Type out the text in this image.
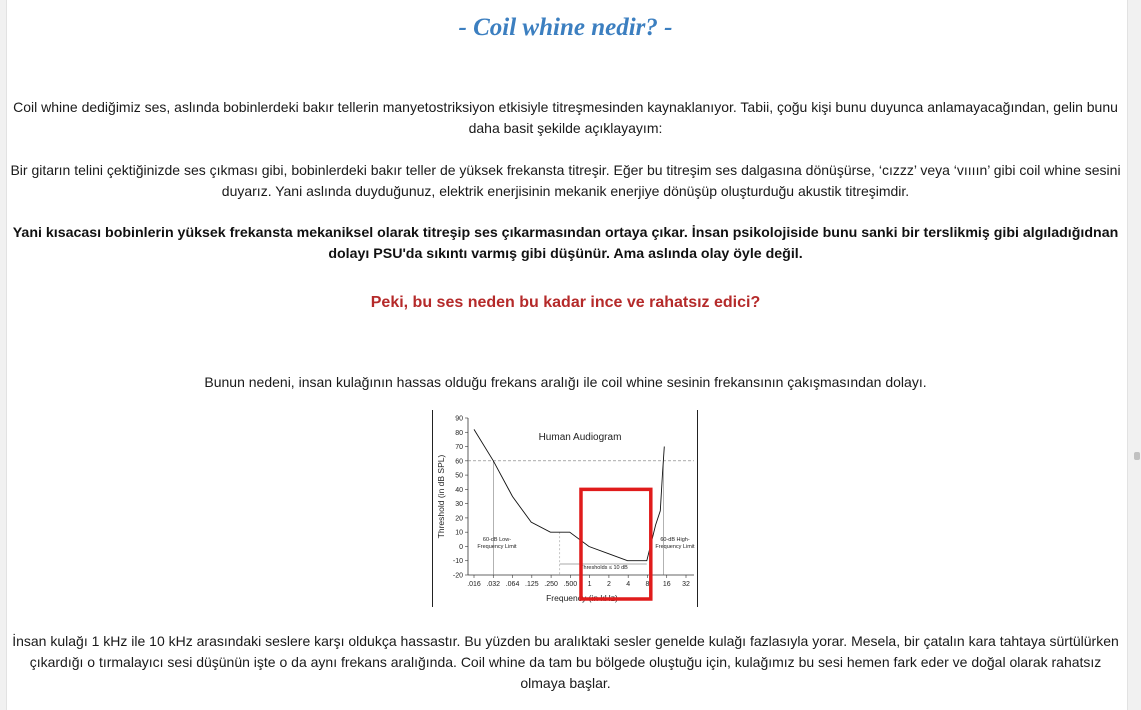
- Coil whine nedir? -
Coil whine dediğimiz ses, aslında bobinlerdeki bakır tellerin manyetostriksiyon etkisiyle titreşmesinden kaynaklanıyor. Tabii, çoğu kişi bunu duyunca anlamayacağından, gelin bunu daha basit şekilde açıklayayım:
Bir gitarın telini çektiğinizde ses çıkması gibi, bobinlerdeki bakır teller de yüksek frekansta titreşir. Eğer bu titreşim ses dalgasına dönüşürse, ‘cızzz’ veya ‘vıııın’ gibi coil whine sesini duyarız. Yani aslında duyduğunuz, elektrik enerjisinin mekanik enerjiye dönüşüp oluşturduğu akustik titreşimdir.
Yani kısacası bobinlerin yüksek frekansta mekaniksel olarak titreşip ses çıkarmasından ortaya çıkar. İnsan psikolojiside bunu sanki bir terslikmiş gibi algıladığıdnan dolayı PSU'da sıkıntı varmış gibi düşünür. Ama aslında olay öyle değil.
Peki, bu ses neden bu kadar ince ve rahatsız edici?
Bunun nedeni, insan kulağının hassas olduğu frekans aralığı ile coil whine sesinin frekansının çakışmasından dolayı.
90
80
70
60
50
40
30
20
10
0
-10
-20
.016 .032 .064 .125 .250 .500 1 2 4 8 16 32
Frequency (in kHz)
Threshold (in dB SPL)
Human Audiogram
60-dB Low-
Frequency Limit
60-dB High-
Frequency Limit
Thresholds ≤ 10 dB
İnsan kulağı 1 kHz ile 10 kHz arasındaki seslere karşı oldukça hassastır. Bu yüzden bu aralıktaki sesler genelde kulağı fazlasıyla yorar. Mesela, bir çatalın kara tahtaya sürtülürken çıkardığı o tırmalayıcı sesi düşünün işte o da aynı frekans aralığında. Coil whine da tam bu bölgede oluştuğu için, kulağımız bu sesi hemen fark eder ve doğal olarak rahatsız olmaya başlar.
